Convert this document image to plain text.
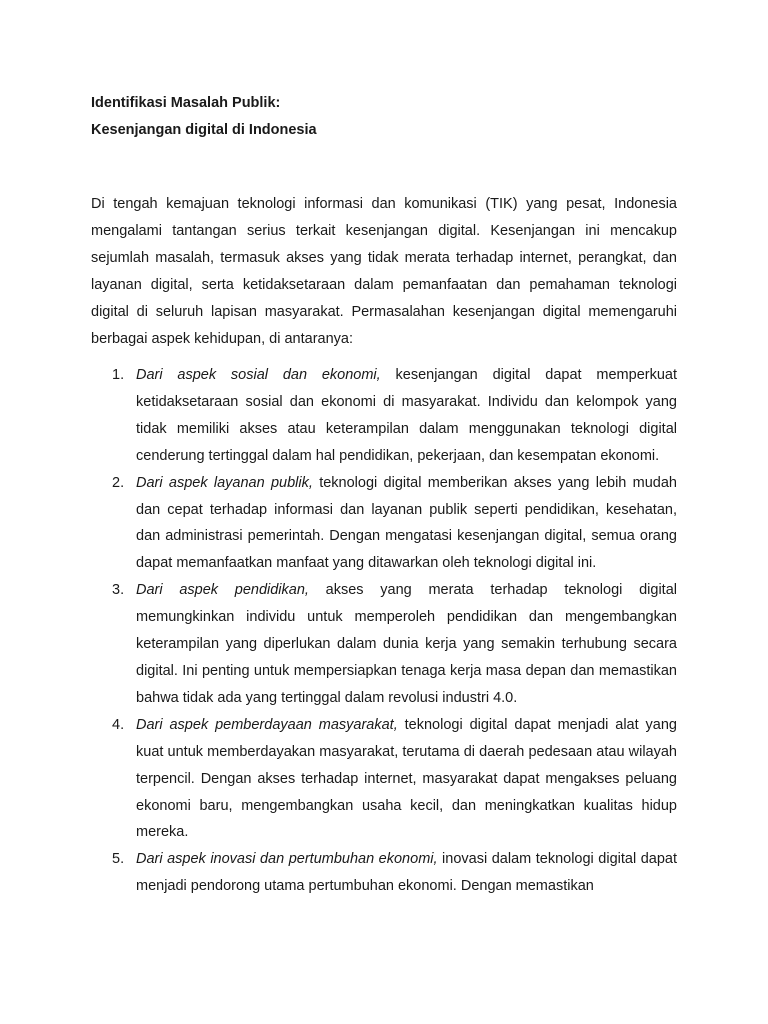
Identifikasi Masalah Publik:

Kesenjangan digital di Indonesia

Di tengah kemajuan teknologi informasi dan komunikasi (TIK) yang pesat, Indonesia mengalami tantangan serius terkait kesenjangan digital. Kesenjangan ini mencakup sejumlah masalah, termasuk akses yang tidak merata terhadap internet, perangkat, dan layanan digital, serta ketidaksetaraan dalam pemanfaatan dan pemahaman teknologi digital di seluruh lapisan masyarakat. Permasalahan kesenjangan digital memengaruhi berbagai aspek kehidupan, di antaranya:

1. Dari aspek sosial dan ekonomi, kesenjangan digital dapat memperkuat ketidaksetaraan sosial dan ekonomi di masyarakat. Individu dan kelompok yang tidak memiliki akses atau keterampilan dalam menggunakan teknologi digital cenderung tertinggal dalam hal pendidikan, pekerjaan, dan kesempatan ekonomi.
2. Dari aspek layanan publik, teknologi digital memberikan akses yang lebih mudah dan cepat terhadap informasi dan layanan publik seperti pendidikan, kesehatan, dan administrasi pemerintah. Dengan mengatasi kesenjangan digital, semua orang dapat memanfaatkan manfaat yang ditawarkan oleh teknologi digital ini.
3. Dari aspek pendidikan, akses yang merata terhadap teknologi digital memungkinkan individu untuk memperoleh pendidikan dan mengembangkan keterampilan yang diperlukan dalam dunia kerja yang semakin terhubung secara digital. Ini penting untuk mempersiapkan tenaga kerja masa depan dan memastikan bahwa tidak ada yang tertinggal dalam revolusi industri 4.0.
4. Dari aspek pemberdayaan masyarakat, teknologi digital dapat menjadi alat yang kuat untuk memberdayakan masyarakat, terutama di daerah pedesaan atau wilayah terpencil. Dengan akses terhadap internet, masyarakat dapat mengakses peluang ekonomi baru, mengembangkan usaha kecil, dan meningkatkan kualitas hidup mereka.
5. Dari aspek inovasi dan pertumbuhan ekonomi, inovasi dalam teknologi digital dapat menjadi pendorong utama pertumbuhan ekonomi. Dengan memastikan
